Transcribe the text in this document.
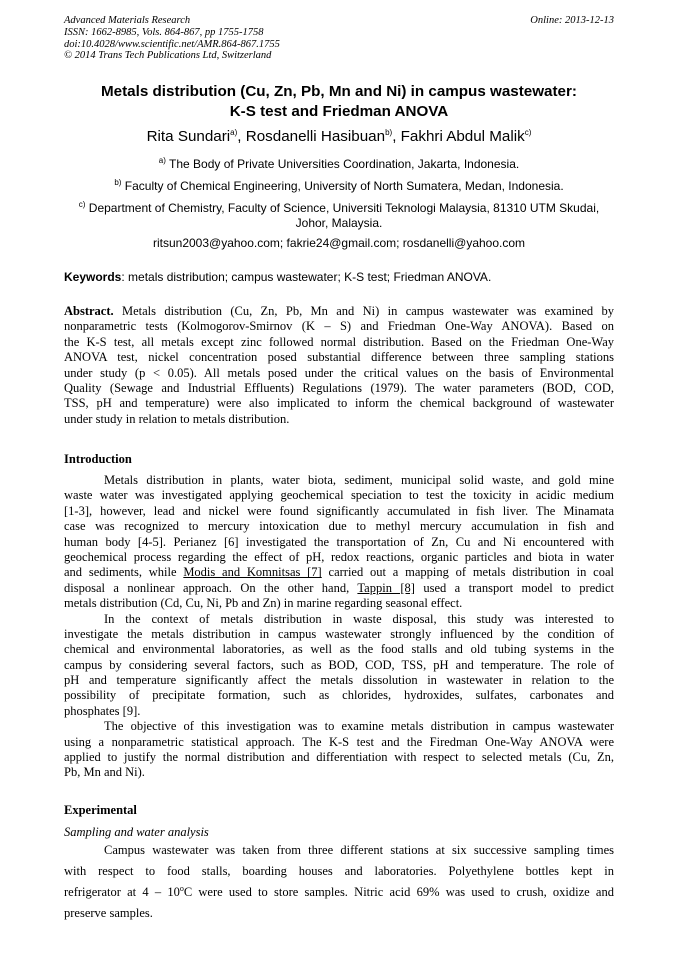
Advanced Materials Research
ISSN: 1662-8985, Vols. 864-867, pp 1755-1758
doi:10.4028/www.scientific.net/AMR.864-867.1755
© 2014 Trans Tech Publications Ltd, Switzerland
Online: 2013-12-13
Metals distribution (Cu, Zn, Pb, Mn and Ni) in campus wastewater:
K-S test and Friedman ANOVA
Rita Sundari$^{a)}$, Rosdanelli Hasibuan$^{b)}$, Fakhri Abdul Malik$^{c)}$
$^{a)}$ The Body of Private Universities Coordination, Jakarta, Indonesia.
$^{b)}$ Faculty of Chemical Engineering, University of North Sumatera, Medan, Indonesia.
$^{c)}$ Department of Chemistry, Faculty of Science, Universiti Teknologi Malaysia, 81310 UTM Skudai,
Johor, Malaysia.
ritsun2003@yahoo.com; fakrie24@gmail.com; rosdanelli@yahoo.com
Keywords: metals distribution; campus wastewater; K-S test; Friedman ANOVA.
Abstract. Metals distribution (Cu, Zn, Pb, Mn and Ni) in campus wastewater was examined by
nonparametric tests (Kolmogorov-Smirnov (K – S) and Friedman One-Way ANOVA). Based on
the K-S test, all metals except zinc followed normal distribution. Based on the Friedman One-Way
ANOVA test, nickel concentration posed substantial difference between three sampling stations
under study (p < 0.05). All metals posed under the critical values on the basis of Environmental
Quality (Sewage and Industrial Effluents) Regulations (1979). The water parameters (BOD, COD,
TSS, pH and temperature) were also implicated to inform the chemical background of wastewater
under study in relation to metals distribution.
Introduction
Metals distribution in plants, water biota, sediment, municipal solid waste, and gold mine
waste water was investigated applying geochemical speciation to test the toxicity in acidic medium
[1-3], however, lead and nickel were found significantly accumulated in fish liver. The Minamata
case was recognized to mercury intoxication due to methyl mercury accumulation in fish and
human body [4-5]. Perianez [6] investigated the transportation of Zn, Cu and Ni encountered with
geochemical process regarding the effect of pH, redox reactions, organic particles and biota in water
and sediments, while Modis and Komnitsas [7] carried out a mapping of metals distribution in coal
disposal a nonlinear approach. On the other hand, Tappin [8] used a transport model to predict
metals distribution (Cd, Cu, Ni, Pb and Zn) in marine regarding seasonal effect.
In the context of metals distribution in waste disposal, this study was interested to
investigate the metals distribution in campus wastewater strongly influenced by the condition of
chemical and environmental laboratories, as well as the food stalls and old tubing systems in the
campus by considering several factors, such as BOD, COD, TSS, pH and temperature. The role of
pH and temperature significantly affect the metals dissolution in wastewater in relation to the
possibility of precipitate formation, such as chlorides, hydroxides, sulfates, carbonates and
phosphates [9].
The objective of this investigation was to examine metals distribution in campus wastewater
using a nonparametric statistical approach. The K-S test and the Firedman One-Way ANOVA were
applied to justify the normal distribution and differentiation with respect to selected metals (Cu, Zn,
Pb, Mn and Ni).
Experimental
Sampling and water analysis
Campus wastewater was taken from three different stations at six successive sampling times
with respect to food stalls, boarding houses and laboratories. Polyethylene bottles kept in
refrigerator at 4 – 10$^o$C were used to store samples. Nitric acid 69% was used to crush, oxidize and
preserve samples.
